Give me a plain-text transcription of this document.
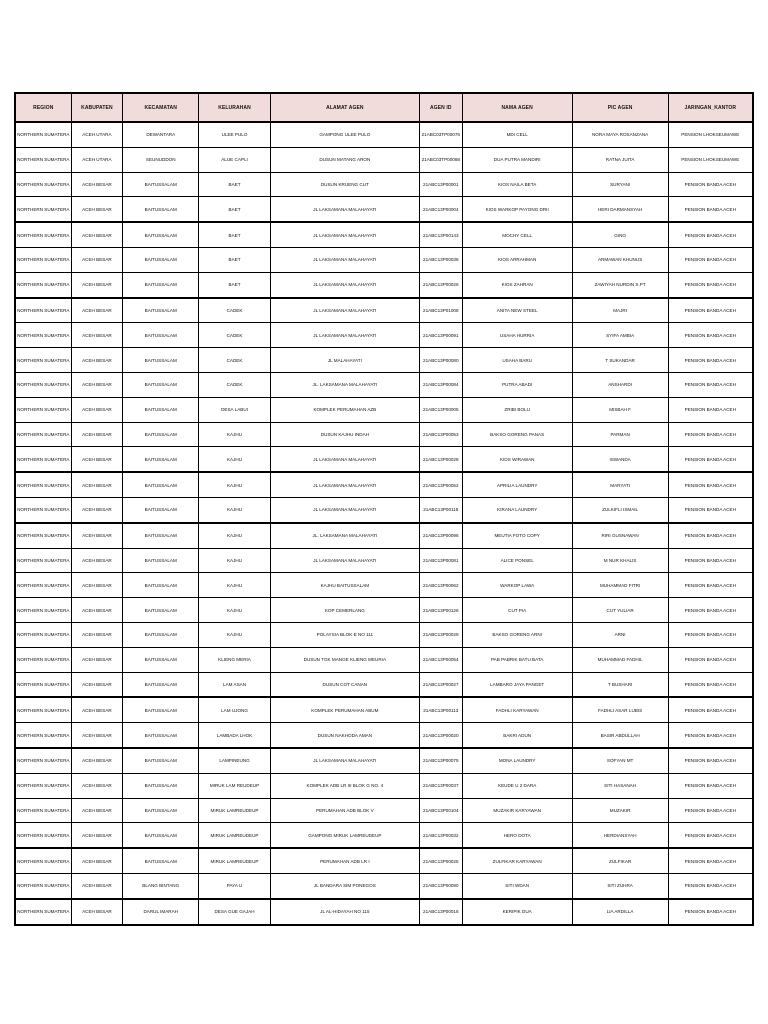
REGION	KABUPATEN	KECAMATAN	KELURAHAN	ALAMAT AGEN	AGEN ID	NAMA AGEN	PIC AGEN	JARINGAN_KANTOR
NORTHERN SUMATERA	ACEH UTARA	DEWANTARA	ULEE PULO	GAMPONG ULEE PULO	21ABC03TP00076	MDI CELL	NORA MAYA ROSANZANA	PENSION LHOKSEUMAWE
NORTHERN SUMATERA	ACEH UTARA	SEUNUDDON	ALUE CAPLI	DUSUN MATANG ARON	21ABC03TP00088	DUA PUTRA MANDIRI	RATNA JUITA	PENSION LHOKSEUMAWE
NORTHERN SUMATERA	ACEH BESAR	BAITUSSALAM	BAET	DUSUN KRUENG CUT	21ABC13P00001	KIOS NAILA BETA	SURYANI	PENSION BANDA ACEH
NORTHERN SUMATERA	ACEH BESAR	BAITUSSALAM	BAET	JL LAKSAMANA MALAHAYATI	21ABC13P00004	KIOS WARKOP PAYONG DRII	HERI DARMANSYAH	PENSION BANDA ACEH
NORTHERN SUMATERA	ACEH BESAR	BAITUSSALAM	BAET	JL LAKSAMANA MALAHAYATI	21ABC13P00143	MOCHY CELL	GINO	PENSION BANDA ACEH
NORTHERN SUMATERA	ACEH BESAR	BAITUSSALAM	BAET	JL LAKSAMANA MALAHAYATI	21ABC13P00036	KIOS ARRAHMAN	ARMAWAN KHUNUS	PENSION BANDA ACEH
NORTHERN SUMATERA	ACEH BESAR	BAITUSSALAM	BAET	JL LAKSAMANA MALAHAYATI	21ABC13P00026	KIOS ZAHRAN	ZAWIYAH NURDIN S.PT	PENSION BANDA ACEH
NORTHERN SUMATERA	ACEH BESAR	BAITUSSALAM	CADEK	JL LAKSAMANA MALAHAYATI	21ABC13P01008	ANITA NEW STEEL	MAJRI	PENSION BANDA ACEH
NORTHERN SUMATERA	ACEH BESAR	BAITUSSALAM	CADEK	JL LAKSAMANA MALAHAYATI	21ABC13P00091	USAHA HURRIA	SYIFA AMBIA	PENSION BANDA ACEH
NORTHERN SUMATERA	ACEH BESAR	BAITUSSALAM	CADEK	JL MALAHAYATI	21ABC13P00080	USAHA BARU	T SUKANDAR	PENSION BANDA ACEH
NORTHERN SUMATERA	ACEH BESAR	BAITUSSALAM	CADEK	JL. LAKSAMANA MALAHAYATI	21ABC13P00084	PUTRA ABADI	ANSHARDI	PENSION BANDA ACEH
NORTHERN SUMATERA	ACEH BESAR	BAITUSSALAM	DESA LABUI	KOMPLEK PERUMAHAN AZB	21ABC13P00005	ZRIBI BOLU	MISBAH F	PENSION BANDA ACEH
NORTHERN SUMATERA	ACEH BESAR	BAITUSSALAM	KAJHU	DUSUN KAJHU INDAH	21ABC13P00053	BAKSO GORENG PANAS	PARMAN	PENSION BANDA ACEH
NORTHERN SUMATERA	ACEH BESAR	BAITUSSALAM	KAJHU	JL LAKSAMANA MALAHAYATI	21ABC13P00028	KIOS WIRAWAN	ISWANDA	PENSION BANDA ACEH
NORTHERN SUMATERA	ACEH BESAR	BAITUSSALAM	KAJHU	JL LAKSAMANA MALAHAYATI	21ABC13P00052	APRILIA LAUNDRY	MARYATI	PENSION BANDA ACEH
NORTHERN SUMATERA	ACEH BESAR	BAITUSSALAM	KAJHU	JL LAKSAMANA MALAHAYATI	21ABC13P00118	KIRANA LAUNDRY	ZULKIFLI ISMAIL	PENSION BANDA ACEH
NORTHERN SUMATERA	ACEH BESAR	BAITUSSALAM	KAJHU	JL. LAKSAMANA MALAHAYATI	21ABC13P00096	MEUTIA FOTO COPY	RIRI GUSNAWAN	PENSION BANDA ACEH
NORTHERN SUMATERA	ACEH BESAR	BAITUSSALAM	KAJHU	JL LAKSAMANA MALAHAYATI	21ABC13P00081	ALICE PONSEL	M NUR KHALIS	PENSION BANDA ACEH
NORTHERN SUMATERA	ACEH BESAR	BAITUSSALAM	KAJHU	KAJHU BAITUSSALAM	21ABC13P00062	WARKOP LAWA	MUHAMMAD FITRI	PENSION BANDA ACEH
NORTHERN SUMATERA	ACEH BESAR	BAITUSSALAM	KAJHU	KOP CEMERLANG	21ABC13P00126	CUT PIA	CUT YULIAR	PENSION BANDA ACEH
NORTHERN SUMATERA	ACEH BESAR	BAITUSSALAM	KAJHU	POLAYSIA BLOK E NO 111	21ABC13P00029	BAKSO GORENG ARNI	ARNI	PENSION BANDA ACEH
NORTHERN SUMATERA	ACEH BESAR	BAITUSSALAM	KLIENG MERIA	DUSUN TGK MANGE KLIENG MEURIA	21ABC13P00054	PAB PABRIK BATU BATA	MUHAMMAD FADHIL	PENSION BANDA ACEH
NORTHERN SUMATERA	ACEH BESAR	BAITUSSALAM	LAM ASAN	DUSUN COT CANAN	21ABC13P00027	LAMBARO JAYA PANGET	T BUSHARI	PENSION BANDA ACEH
NORTHERN SUMATERA	ACEH BESAR	BAITUSSALAM	LAM UJONG	KOMPLEK PERUMAHAN ABUM	21ABC13P00113	FADHLI KARYAWAN	FADHLI ASAR LUBIS	PENSION BANDA ACEH
NORTHERN SUMATERA	ACEH BESAR	BAITUSSALAM	LAMBADA LHOK	DUSUN NAKHODA AMAN	21ABC13P00020	BAKRI ADUN	BASIR ABDULLAH	PENSION BANDA ACEH
NORTHERN SUMATERA	ACEH BESAR	BAITUSSALAM	LAMPINEUNG	JL LAKSAMANA MALAHAYATI	21ABC13P00075	MONA LAUNDRY	SOFYAN MT	PENSION BANDA ACEH
NORTHERN SUMATERA	ACEH BESAR	BAITUSSALAM	MIRUK LAM REUDEUP	KOMPLEK ADB LR III BLOK G NO. 4	21ABC13P00037	KEUDE U 2 DARA	SITI HASANAH	PENSION BANDA ACEH
NORTHERN SUMATERA	ACEH BESAR	BAITUSSALAM	MIRUK LAMREUDEUP	PERUMAHAN ADB BLOK V	21ABC13P00104	MUZAKIR KARYAWAN	MUZAKIR	PENSION BANDA ACEH
NORTHERN SUMATERA	ACEH BESAR	BAITUSSALAM	MIRUK LAMREUDEUP	GAMPONG MIRUK LAMREUDEUP	21ABC13P00032	HERO DOTA	HERDIANSYAH	PENSION BANDA ACEH
NORTHERN SUMATERA	ACEH BESAR	BAITUSSALAM	MIRUK LAMREUDEUP	PERUMAHAN ADB LR I	21ABC13P00025	ZULFIKAR KARYAWAN	ZULFIKAR	PENSION BANDA ACEH
NORTHERN SUMATERA	ACEH BESAR	BLANG BINTANG	PAYA U	JL BANDARA SIM PONEGOS	21ABC13P00090	SITI WDAN	SITI ZUHRA	PENSION BANDA ACEH
NORTHERN SUMATERA	ACEH BESAR	DARUL IMARAH	DESA GUE GAJAH	JL AL-HIDAYAH NO 115	21ABC13P00016	KERIPIK DUA	LIA ARDILLA	PENSION BANDA ACEH
